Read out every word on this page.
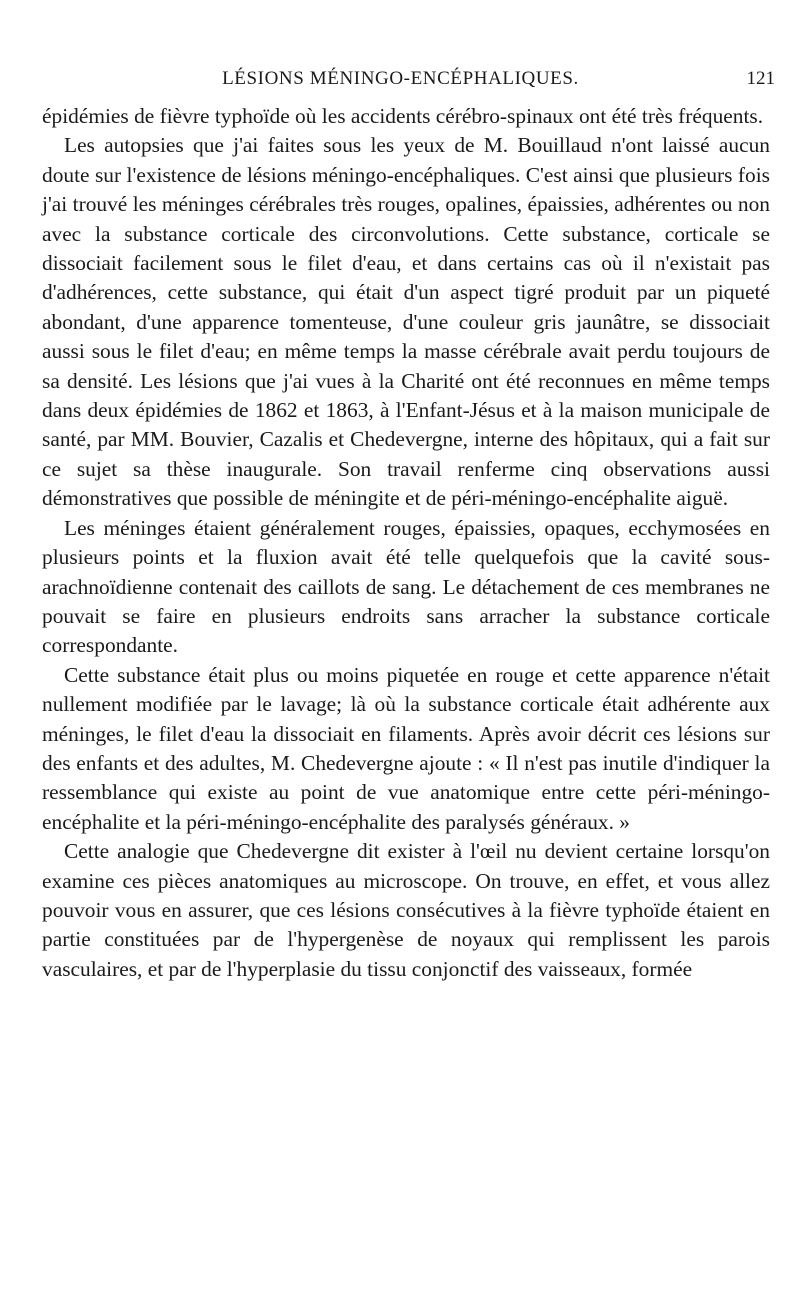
LÉSIONS MÉNINGO-ENCÉPHALIQUES.	121

épidémies de fièvre typhoïde où les accidents cérébro-spinaux ont été très fréquents.

Les autopsies que j'ai faites sous les yeux de M. Bouillaud n'ont laissé aucun doute sur l'existence de lésions méningo-encéphaliques. C'est ainsi que plusieurs fois j'ai trouvé les méninges cérébrales très rouges, opalines, épaissies, adhérentes ou non avec la substance corticale des circonvolutions. Cette substance, corticale se dissociait facilement sous le filet d'eau, et dans certains cas où il n'existait pas d'adhérences, cette substance, qui était d'un aspect tigré produit par un piqueté abondant, d'une apparence tomenteuse, d'une couleur gris jaunâtre, se dissociait aussi sous le filet d'eau; en même temps la masse cérébrale avait perdu toujours de sa densité. Les lésions que j'ai vues à la Charité ont été reconnues en même temps dans deux épidémies de 1862 et 1863, à l'Enfant-Jésus et à la maison municipale de santé, par MM. Bouvier, Cazalis et Chedevergne, interne des hôpitaux, qui a fait sur ce sujet sa thèse inaugurale. Son travail renferme cinq observations aussi démonstratives que possible de méningite et de péri-méningo-encéphalite aiguë.

Les méninges étaient généralement rouges, épaissies, opaques, ecchymosées en plusieurs points et la fluxion avait été telle quelquefois que la cavité sous-arachnoïdienne contenait des caillots de sang. Le détachement de ces membranes ne pouvait se faire en plusieurs endroits sans arracher la substance corticale correspondante.

Cette substance était plus ou moins piquetée en rouge et cette apparence n'était nullement modifiée par le lavage; là où la substance corticale était adhérente aux méninges, le filet d'eau la dissociait en filaments. Après avoir décrit ces lésions sur des enfants et des adultes, M. Chedevergne ajoute : « Il n'est pas inutile d'indiquer la ressemblance qui existe au point de vue anatomique entre cette péri-méningo-encéphalite et la péri-méningo-encéphalite des paralysés généraux. »

Cette analogie que Chedevergne dit exister à l'œil nu devient certaine lorsqu'on examine ces pièces anatomiques au microscope. On trouve, en effet, et vous allez pouvoir vous en assurer, que ces lésions consécutives à la fièvre typhoïde étaient en partie constituées par de l'hypergenèse de noyaux qui remplissent les parois vasculaires, et par de l'hyperplasie du tissu conjonctif des vaisseaux, formée
